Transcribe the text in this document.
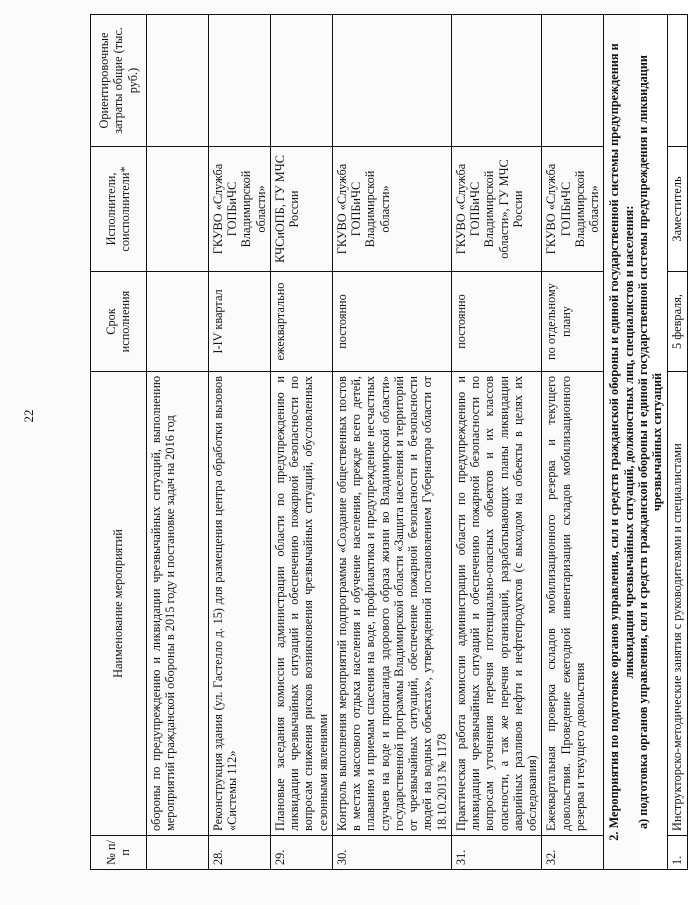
22
№ п/п	Наименование мероприятий	Срок исполнения	Исполнители, соисполнители*	Ориентировочные затраты общие (тыс. руб.)
	обороны по предупреждению и ликвидации чрезвычайных ситуаций, выполнению мероприятий гражданской обороны в 2015 году и постановке задач на 2016 год			
28.	Реконструкция здания (ул. Гастелло д. 15) для размещения центра обработки вызовов «Системы 112»	I-IV квартал	ГКУВО «Служба ГОПБиЧС Владимирской области»	
29.	Плановые заседания комиссии администрации области по предупреждению и ликвидации чрезвычайных ситуаций и обеспечению пожарной безопасности по вопросам снижения рисков возникновения чрезвычайных ситуаций, обусловленных сезонными явлениями	ежеквартально	КЧСиОПБ, ГУ МЧС России	
30.	Контроль выполнения мероприятий подпрограммы «Создание общественных постов в местах массового отдыха населения и обучение населения, прежде всего детей, плаванию и приемам спасения на воде, профилактика и предупреждение несчастных случаев на воде и пропаганда здорового образа жизни во Владимирской области» государственной программы Владимирской области «Защита населения и территорий от чрезвычайных ситуаций, обеспечение пожарной безопасности и безопасности людей на водных объектах», утвержденной постановлением Губернатора области от 18.10.2013 № 1178	постоянно	ГКУВО «Служба ГОПБиЧС Владимирской области»	
31.	Практическая работа комиссии администрации области по предупреждению и ликвидации чрезвычайных ситуаций и обеспечению пожарной безопасности по вопросам уточнения перечня потенциально-опасных объектов и их классов опасности, а так же перечня организаций, разрабатывающих планы ликвидации аварийных разливов нефти и нефтепродуктов (с выходом на объекты в целях их обследования)	постоянно	ГКУВО «Служба ГОПБиЧС Владимирской области», ГУ МЧС России	
32.	Ежеквартальная проверка складов мобилизационного резерва и текущего довольствия. Проведение ежегодной инвентаризации складов мобилизационного резерва и текущего довольствия	по отдельному плану	ГКУВО «Служба ГОПБиЧС Владимирской области»	

2. Мероприятия по подготовке органов управления, сил и средств гражданской обороны и единой государственной системы предупреждения и ликвидации чрезвычайных ситуаций, должностных лиц, специалистов и населения: а) подготовка органов управления, сил и средств гражданской обороны и единой государственной системы предупреждения и ликвидации чрезвычайных ситуаций				

1.	Инструкторско-методические занятия с руководителями и специалистами	5 февраля,	Заместитель	
